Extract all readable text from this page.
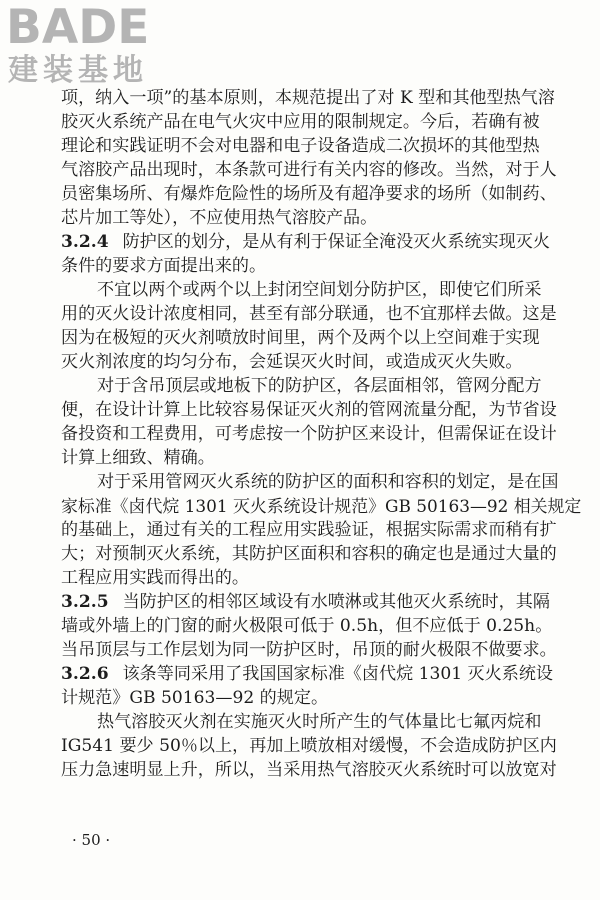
BADE
建装基地
项，纳入一项”的基本原则，本规范提出了对 K 型和其他型热气溶
胶灭火系统产品在电气火灾中应用的限制规定。今后，若确有被
理论和实践证明不会对电器和电子设备造成二次损坏的其他型热
气溶胶产品出现时，本条款可进行有关内容的修改。当然，对于人
员密集场所、有爆炸危险性的场所及有超净要求的场所（如制药、
芯片加工等处），不应使用热气溶胶产品。
3.2.4 防护区的划分，是从有利于保证全淹没灭火系统实现灭火
条件的要求方面提出来的。
不宜以两个或两个以上封闭空间划分防护区，即使它们所采
用的灭火设计浓度相同，甚至有部分联通，也不宜那样去做。这是
因为在极短的灭火剂喷放时间里，两个及两个以上空间难于实现
灭火剂浓度的均匀分布，会延误灭火时间，或造成灭火失败。
对于含吊顶层或地板下的防护区，各层面相邻，管网分配方
便，在设计计算上比较容易保证灭火剂的管网流量分配，为节省设
备投资和工程费用，可考虑按一个防护区来设计，但需保证在设计
计算上细致、精确。
对于采用管网灭火系统的防护区的面积和容积的划定，是在国
家标准《卤代烷 1301 灭火系统设计规范》GB 50163—92 相关规定
的基础上，通过有关的工程应用实践验证，根据实际需求而稍有扩
大；对预制灭火系统，其防护区面积和容积的确定也是通过大量的
工程应用实践而得出的。
3.2.5 当防护区的相邻区域设有水喷淋或其他灭火系统时，其隔
墙或外墙上的门窗的耐火极限可低于 0.5h，但不应低于 0.25h。
当吊顶层与工作层划为同一防护区时，吊顶的耐火极限不做要求。
3.2.6 该条等同采用了我国国家标准《卤代烷 1301 灭火系统设
计规范》GB 50163—92 的规定。
热气溶胶灭火剂在实施灭火时所产生的气体量比七氟丙烷和
IG541 要少 50％以上，再加上喷放相对缓慢，不会造成防护区内
压力急速明显上升，所以，当采用热气溶胶灭火系统时可以放宽对
· 50 ·
